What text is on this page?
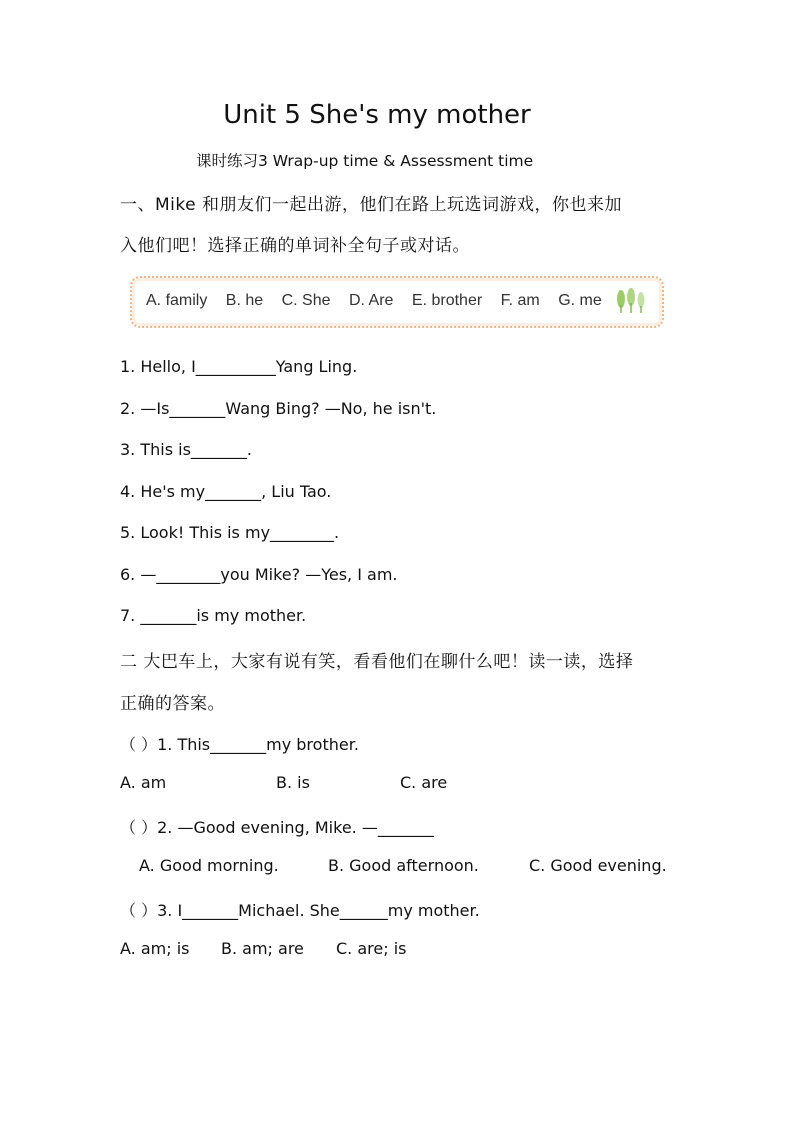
Unit 5 She's my mother
课时练习3 Wrap-up time & Assessment time
一、Mike 和朋友们一起出游，他们在路上玩选词游戏，你也来加
入他们吧！选择正确的单词补全句子或对话。
A. family B. he C. She D. Are E. brother F. am G. me
1. Hello, I__________Yang Ling.
2. —Is_______Wang Bing? —No, he isn't.
3. This is_______.
4. He's my_______, Liu Tao.
5. Look! This is my________.
6. —________you Mike? —Yes, I am.
7. _______is my mother.
二 大巴车上，大家有说有笑，看看他们在聊什么吧！读一读，选择
正确的答案。
（ ）1. This_______my brother.
A. am	B. is	C. are
（ ）2. —Good evening, Mike. —_______
A. Good morning.	B. Good afternoon.	C. Good evening.
（ ）3. I_______Michael. She______my mother.
A. am; is B. am; are C. are; is
